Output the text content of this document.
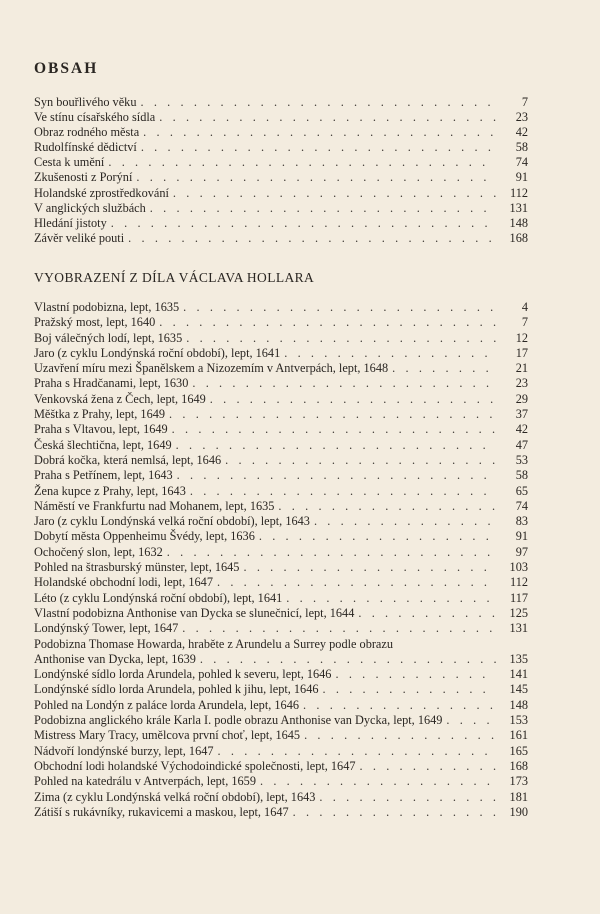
OBSAH
Syn bouřlivého věku . . .	7
Ve stínu císařského sídla . . .	23
Obraz rodného města . . .	42
Rudolfínské dědictví . . .	58
Cesta k umění . . .	74
Zkušenosti z Porýní . . .	91
Holandské zprostředkování . . .	112
V anglických službách . . .	131
Hledání jistoty . . .	148
Závěr veliké pouti . . .	168
VYOBRAZENÍ Z DÍLA VÁCLAVA HOLLARA
Vlastní podobizna, lept, 1635 . . .	4
Pražský most, lept, 1640 . . .	7
Boj válečných lodí, lept, 1635 . . .	12
Jaro (z cyklu Londýnská roční období), lept, 1641 . . .	17
Uzavření míru mezi Španělskem a Nizozemím v Antverpách, lept, 1648 . . .	21
Praha s Hradčanami, lept, 1630 . . .	23
Venkovská žena z Čech, lept, 1649 . . .	29
Měštka z Prahy, lept, 1649 . . .	37
Praha s Vltavou, lept, 1649 . . .	42
Česká šlechtična, lept, 1649 . . .	47
Dobrá kočka, která nemlsá, lept, 1646 . . .	53
Praha s Petřínem, lept, 1643 . . .	58
Žena kupce z Prahy, lept, 1643 . . .	65
Náměstí ve Frankfurtu nad Mohanem, lept, 1635 . . .	74
Jaro (z cyklu Londýnská velká roční období), lept, 1643 . . .	83
Dobytí města Oppenheimu Švédy, lept, 1636 . . .	91
Ochočený slon, lept, 1632 . . .	97
Pohled na štrasburský münster, lept, 1645 . . .	103
Holandské obchodní lodi, lept, 1647 . . .	112
Léto (z cyklu Londýnská roční období), lept, 1641 . . .	117
Vlastní podobizna Anthonise van Dycka se slunečnicí, lept, 1644 . . .	125
Londýnský Tower, lept, 1647 . . .	131
Podobizna Thomase Howarda, hraběte z Arundelu a Surrey podle obrazu
Anthonise van Dycka, lept, 1639 . . .	135
Londýnské sídlo lorda Arundela, pohled k severu, lept, 1646 . . .	141
Londýnské sídlo lorda Arundela, pohled k jihu, lept, 1646 . . .	145
Pohled na Londýn z paláce lorda Arundela, lept, 1646 . . .	148
Podobizna anglického krále Karla I. podle obrazu Anthonise van Dycka, lept, 1649 . . .	153
Mistress Mary Tracy, umělcova první choť, lept, 1645 . . .	161
Nádvoří londýnské burzy, lept, 1647 . . .	165
Obchodní lodi holandské Východoindické společnosti, lept, 1647 . . .	168
Pohled na katedrálu v Antverpách, lept, 1659 . . .	173
Zima (z cyklu Londýnská velká roční období), lept, 1643 . . .	181
Zátiší s rukávníky, rukavicemi a maskou, lept, 1647 . . .	190
